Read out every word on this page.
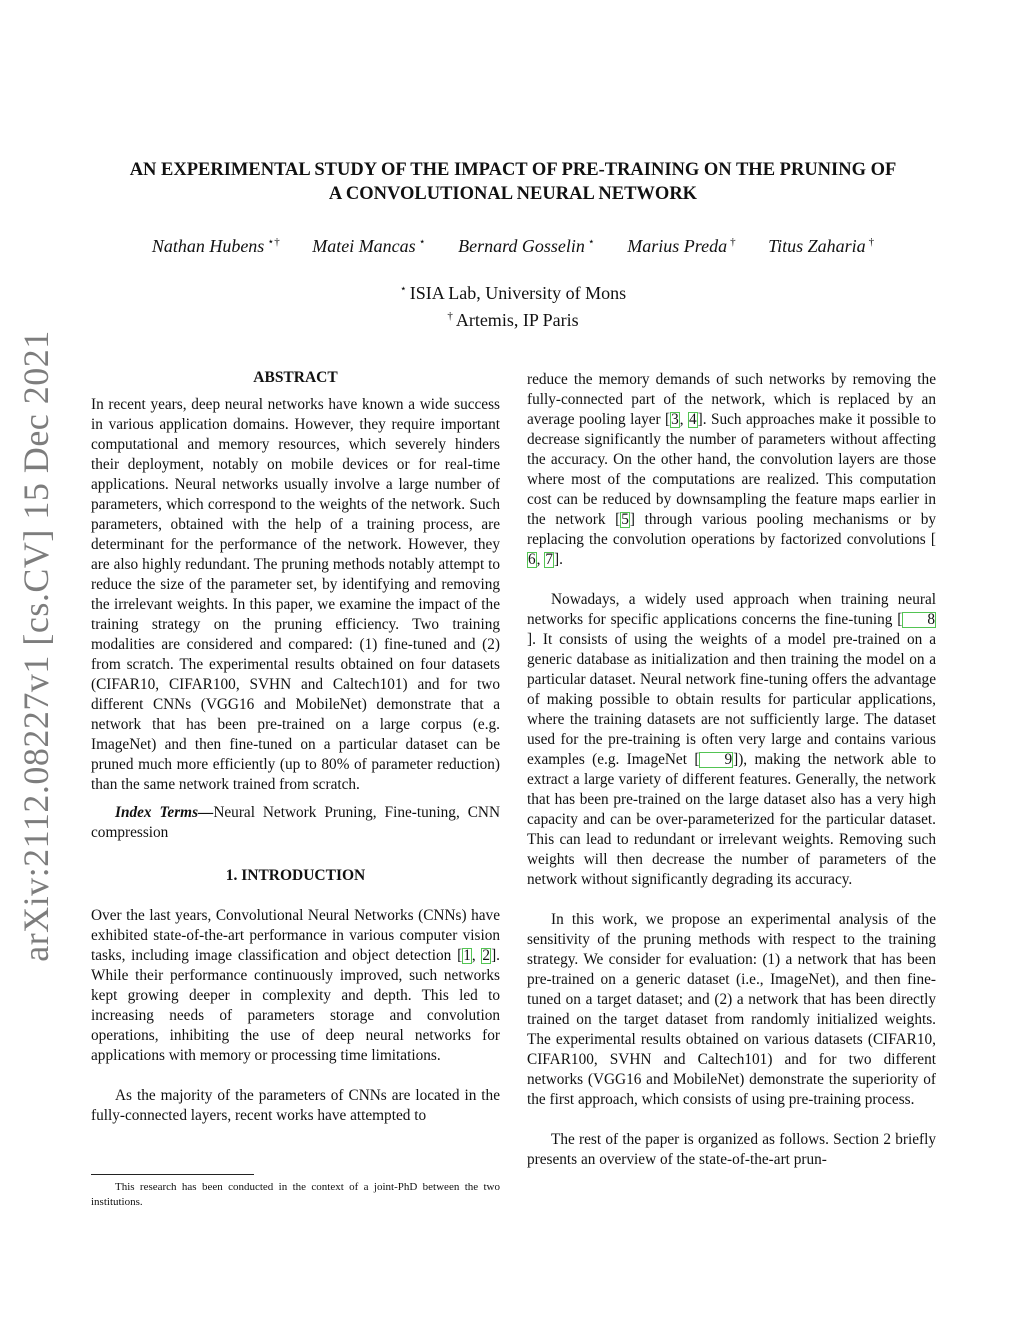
arXiv:2112.08227v1 [cs.CV] 15 Dec 2021
AN EXPERIMENTAL STUDY OF THE IMPACT OF PRE-TRAINING ON THE PRUNING OF
A CONVOLUTIONAL NEURAL NETWORK
Nathan Hubens ⋆† Matei Mancas ⋆ Bernard Gosselin ⋆ Marius Preda † Titus Zaharia †
⋆ ISIA Lab, University of Mons
† Artemis, IP Paris
ABSTRACT

In recent years, deep neural networks have known a wide success in various application domains. However, they require important computational and memory resources, which severely hinders their deployment, notably on mobile devices or for real-time applications. Neural networks usually involve a large number of parameters, which correspond to the weights of the network. Such parameters, obtained with the help of a training process, are determinant for the performance of the network. However, they are also highly redundant. The pruning methods notably attempt to reduce the size of the parameter set, by identifying and removing the irrelevant weights. In this paper, we examine the impact of the training strategy on the pruning efficiency. Two training modalities are considered and compared: (1) fine-tuned and (2) from scratch. The experimental results obtained on four datasets (CIFAR10, CIFAR100, SVHN and Caltech101) and for two different CNNs (VGG16 and MobileNet) demonstrate that a network that has been pre-trained on a large corpus (e.g. ImageNet) and then fine-tuned on a particular dataset can be pruned much more efficiently (up to 80% of parameter reduction) than the same network trained from scratch.

Index Terms—Neural Network Pruning, Fine-tuning, CNN compression

1. INTRODUCTION

Over the last years, Convolutional Neural Networks (CNNs) have exhibited state-of-the-art performance in various computer vision tasks, including image classification and object detection [1, 2]. While their performance continuously improved, such networks kept growing deeper in complexity and depth. This led to increasing needs of parameters storage and convolution operations, inhibiting the use of deep neural networks for applications with memory or processing time limitations.

As the majority of the parameters of CNNs are located in the fully-connected layers, recent works have attempted to

This research has been conducted in the context of a joint-PhD between the two institutions.

reduce the memory demands of such networks by removing the fully-connected part of the network, which is replaced by an average pooling layer [3, 4]. Such approaches make it possible to decrease significantly the number of parameters without affecting the accuracy. On the other hand, the convolution layers are those where most of the computations are realized. This computation cost can be reduced by downsampling the feature maps earlier in the network [5] through various pooling mechanisms or by replacing the convolution operations by factorized convolutions [6, 7].

Nowadays, a widely used approach when training neural networks for specific applications concerns the fine-tuning [ 8]. It consists of using the weights of a model pre-trained on a generic database as initialization and then training the model on a particular dataset. Neural network fine-tuning offers the advantage of making possible to obtain results for particular applications, where the training datasets are not sufficiently large. The dataset used for the pre-training is often very large and contains various examples (e.g. ImageNet [ 9]), making the network able to extract a large variety of different features. Generally, the network that has been pre-trained on the large dataset also has a very high capacity and can be over-parameterized for the particular dataset. This can lead to redundant or irrelevant weights. Removing such weights will then decrease the number of parameters of the network without significantly degrading its accuracy.

In this work, we propose an experimental analysis of the sensitivity of the pruning methods with respect to the training strategy. We consider for evaluation: (1) a network that has been pre-trained on a generic dataset (i.e., ImageNet), and then fine-tuned on a target dataset; and (2) a network that has been directly trained on the target dataset from randomly initialized weights. The experimental results obtained on various datasets (CIFAR10, CIFAR100, SVHN and Caltech101) and for two different networks (VGG16 and MobileNet) demonstrate the superiority of the first approach, which consists of using pre-training process.

The rest of the paper is organized as follows. Section 2 briefly presents an overview of the state-of-the-art prun-
